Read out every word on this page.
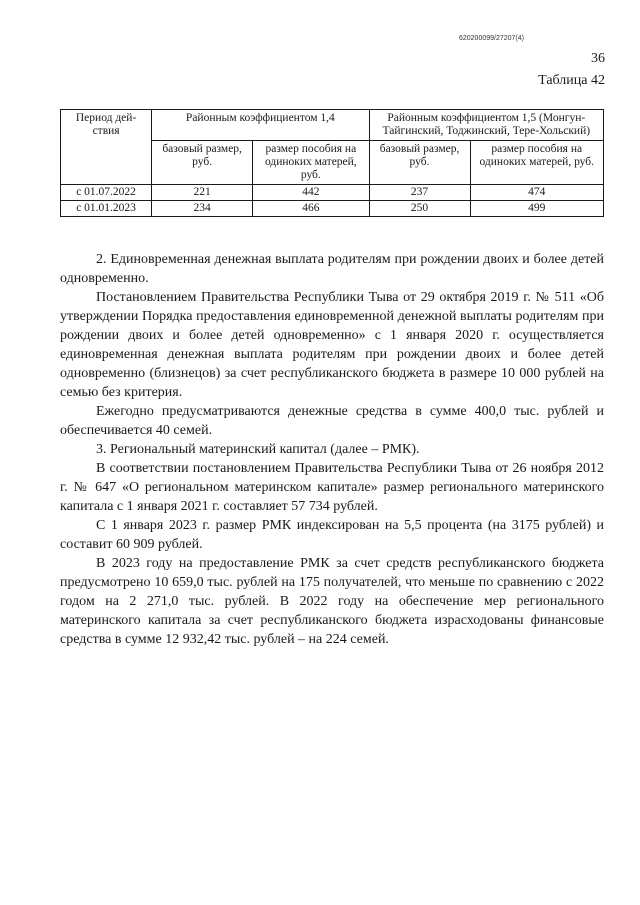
620200099/27207(4)
36
Таблица 42
Период дей-ствия	Районным коэффициентом 1,4		Районным коэффициентом 1,5 (Монгун-Тайгинский, Тоджинский, Тере-Хольский)	
	базовый размер, руб.	размер пособия на одиноких матерей, руб.	базовый размер, руб.	размер пособия на одиноких матерей, руб.
с 01.07.2022	221	442	237	474
с 01.01.2023	234	466	250	499

2. Единовременная денежная выплата родителям при рождении двоих и более детей одновременно.

Постановлением Правительства Республики Тыва от 29 октября 2019 г. № 511 «Об утверждении Порядка предоставления единовременной денежной выплаты родителям при рождении двоих и более детей одновременно» с 1 января 2020 г. осуществляется единовременная денежная выплата родителям при рождении двоих и более детей одновременно (близнецов) за счет республиканского бюджета в размере 10 000 рублей на семью без критерия.

Ежегодно предусматриваются денежные средства в сумме 400,0 тыс. рублей и обеспечивается 40 семей.

3. Региональный материнский капитал (далее – РМК).

В соответствии постановлением Правительства Республики Тыва от 26 ноября 2012 г. № 647 «О региональном материнском капитале» размер регионального материнского капитала с 1 января 2021 г. составляет 57 734 рублей.

С 1 января 2023 г. размер РМК индексирован на 5,5 процента (на 3175 рублей) и составит 60 909 рублей.

В 2023 году на предоставление РМК за счет средств республиканского бюджета предусмотрено 10 659,0 тыс. рублей на 175 получателей, что меньше по сравнению с 2022 годом на 2 271,0 тыс. рублей. В 2022 году на обеспечение мер регионального материнского капитала за счет республиканского бюджета израсходованы финансовые средства в сумме 12 932,42 тыс. рублей – на 224 семей.
